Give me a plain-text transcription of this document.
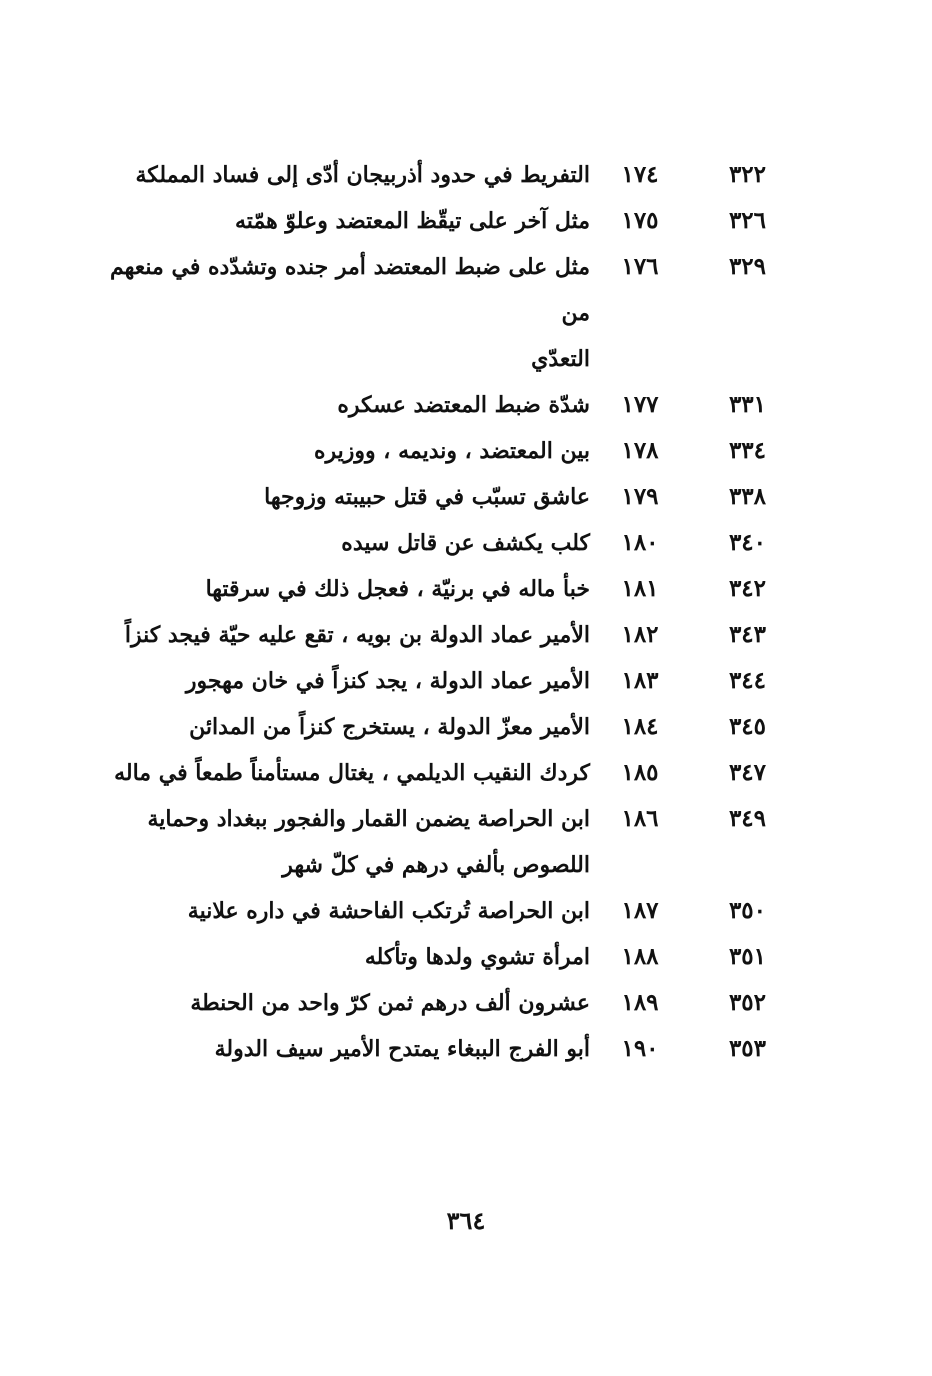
٣٢٢
١٧٤
التفريط في حدود أذربيجان أدّى إلى فساد المملكة
٣٢٦
١٧٥
مثل آخر على تيقّظ المعتضد وعلوّ همّته
٣٢٩
١٧٦
مثل على ضبط المعتضد أمر جنده وتشدّده في منعهم من
التعدّي
٣٣١
١٧٧
شدّة ضبط المعتضد عسكره
٣٣٤
١٧٨
بين المعتضد ، ونديمه ، ووزيره
٣٣٨
١٧٩
عاشق تسبّب في قتل حبيبته وزوجها
٣٤٠
١٨٠
كلب يكشف عن قاتل سيده
٣٤٢
١٨١
خبأ ماله في برنيّة ، فعجل ذلك في سرقتها
٣٤٣
١٨٢
الأمير عماد الدولة بن بويه ، تقع عليه حيّة فيجد كنزاً
٣٤٤
١٨٣
الأمير عماد الدولة ، يجد كنزاً في خان مهجور
٣٤٥
١٨٤
الأمير معزّ الدولة ، يستخرج كنزاً من المدائن
٣٤٧
١٨٥
كردك النقيب الديلمي ، يغتال مستأمناً طمعاً في ماله
٣٤٩
١٨٦
ابن الحراصة يضمن القمار والفجور ببغداد وحماية
اللصوص بألفي درهم في كلّ شهر
٣٥٠
١٨٧
ابن الحراصة تُرتكب الفاحشة في داره علانية
٣٥١
١٨٨
امرأة تشوي ولدها وتأكله
٣٥٢
١٨٩
عشرون ألف درهم ثمن كرّ واحد من الحنطة
٣٥٣
١٩٠
أبو الفرج الببغاء يمتدح الأمير سيف الدولة
٣٦٤
